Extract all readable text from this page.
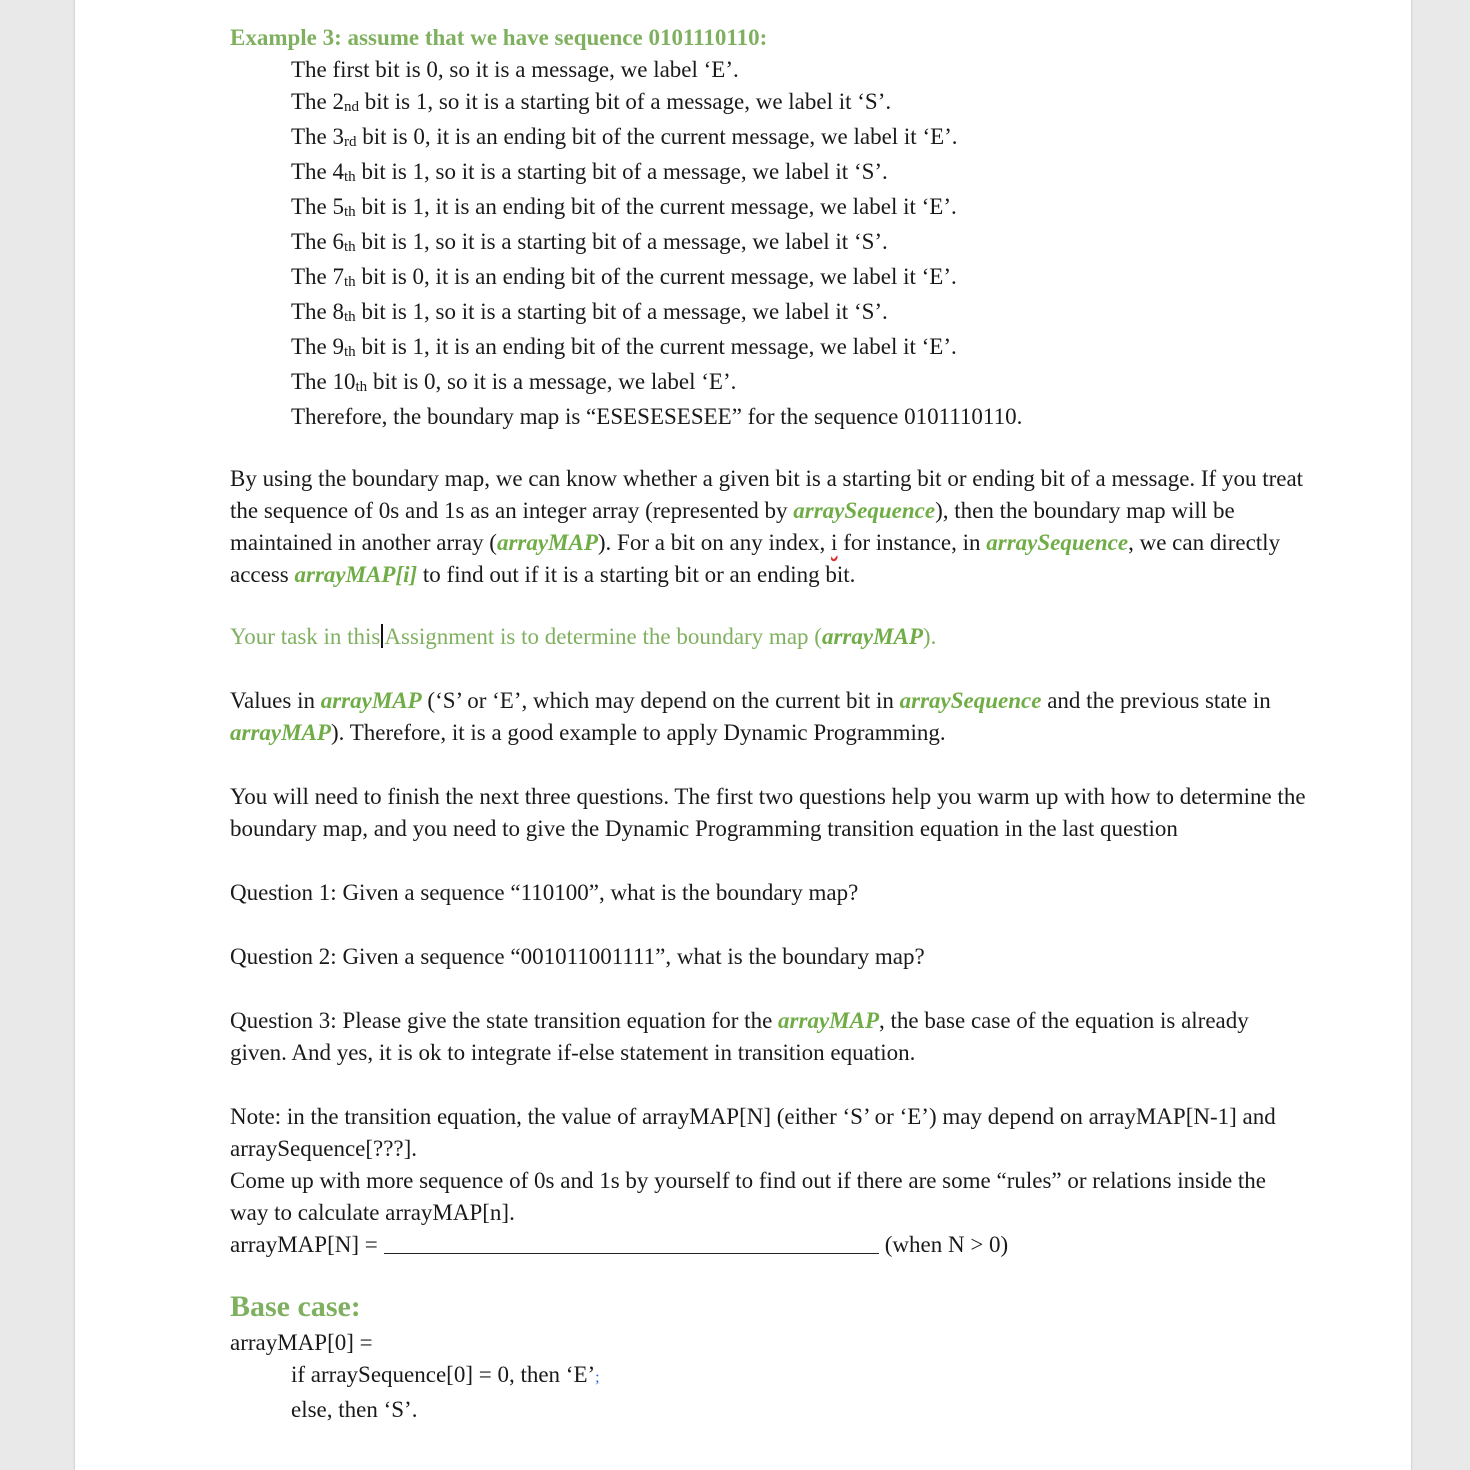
Example 3: assume that we have sequence 0101110110:

The first bit is 0, so it is a message, we label ‘E’.

The $2_{nd}$ bit is 1, so it is a starting bit of a message, we label it ‘S’.

The $3_{rd}$ bit is 0, it is an ending bit of the current message, we label it ‘E’.

The $4_{th}$ bit is 1, so it is a starting bit of a message, we label it ‘S’.

The $5_{th}$ bit is 1, it is an ending bit of the current message, we label it ‘E’.

The $6_{th}$ bit is 1, so it is a starting bit of a message, we label it ‘S’.

The $7_{th}$ bit is 0, it is an ending bit of the current message, we label it ‘E’.

The $8_{th}$ bit is 1, so it is a starting bit of a message, we label it ‘S’.

The $9_{th}$ bit is 1, it is an ending bit of the current message, we label it ‘E’.

The $10_{th}$ bit is 0, so it is a message, we label ‘E’.

Therefore, the boundary map is “ESESESESEE” for the sequence 0101110110.

By using the boundary map, we can know whether a given bit is a starting bit or ending bit of a message. If you treat the sequence of 0s and 1s as an integer array (represented by arraySequence), then the boundary map will be maintained in another array (arrayMAP). For a bit on any index, i for instance, in arraySequence, we can directly access arrayMAP[i] to find out if it is a starting bit or an ending bit.

Your task in this Assignment is to determine the boundary map (arrayMAP).

Values in arrayMAP (‘S’ or ‘E’, which may depend on the current bit in arraySequence and the previous state in arrayMAP). Therefore, it is a good example to apply Dynamic Programming.

You will need to finish the next three questions. The first two questions help you warm up with how to determine the boundary map, and you need to give the Dynamic Programming transition equation in the last question

Question 1: Given a sequence “110100”, what is the boundary map?

Question 2: Given a sequence “001011001111”, what is the boundary map?

Question 3: Please give the state transition equation for the arrayMAP, the base case of the equation is already given. And yes, it is ok to integrate if-else statement in transition equation.

Note: in the transition equation, the value of arrayMAP[N] (either ‘S’ or ‘E’) may depend on arrayMAP[N-1] and arraySequence[???].

Come up with more sequence of 0s and 1s by yourself to find out if there are some “rules” or relations inside the way to calculate arrayMAP[n].

arrayMAP[N] =	(when N > 0)

Base case:

arrayMAP[0] =

if arraySequence[0] = 0, then ‘E’;

else, then ‘S’.
